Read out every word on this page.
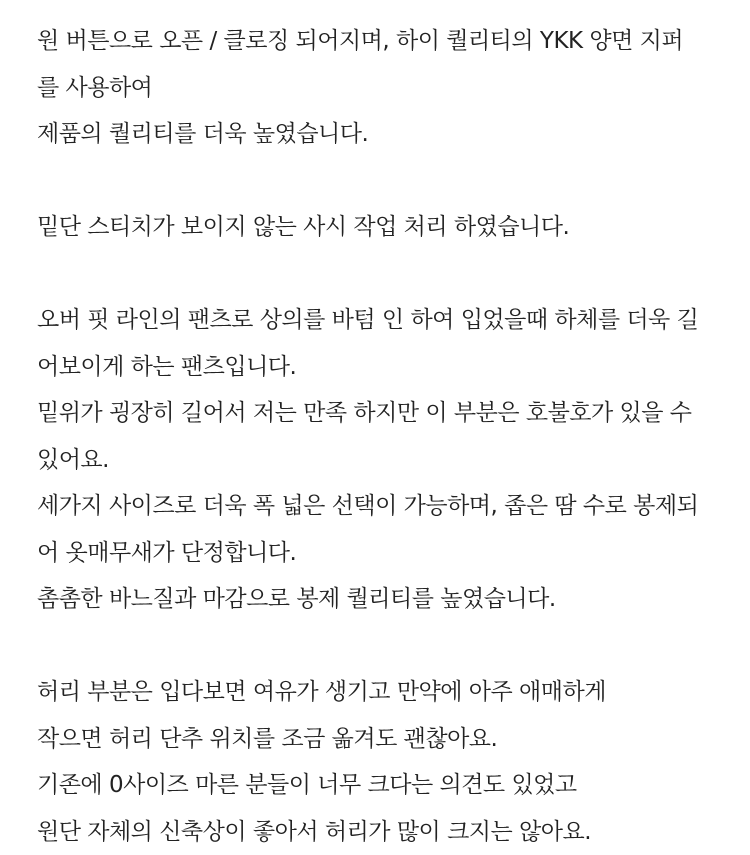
원 버튼으로 오픈 / 클로징 되어지며, 하이 퀄리티의 YKK 양면 지퍼
를 사용하여
제품의 퀄리티를 더욱 높였습니다.
밑단 스티치가 보이지 않는 사시 작업 처리 하였습니다.
오버 핏 라인의 팬츠로 상의를 바텀 인 하여 입었을때 하체를 더욱 길
어보이게 하는 팬츠입니다.
밑위가 굉장히 길어서 저는 만족 하지만 이 부분은 호불호가 있을 수
있어요.
세가지 사이즈로 더욱 폭 넓은 선택이 가능하며, 좁은 땀 수로 봉제되
어 옷매무새가 단정합니다.
촘촘한 바느질과 마감으로 봉제 퀄리티를 높였습니다.
허리 부분은 입다보면 여유가 생기고 만약에 아주 애매하게
작으면 허리 단추 위치를 조금 옮겨도 괜찮아요.
기존에 0사이즈 마른 분들이 너무 크다는 의견도 있었고
원단 자체의 신축상이 좋아서 허리가 많이 크지는 않아요.
